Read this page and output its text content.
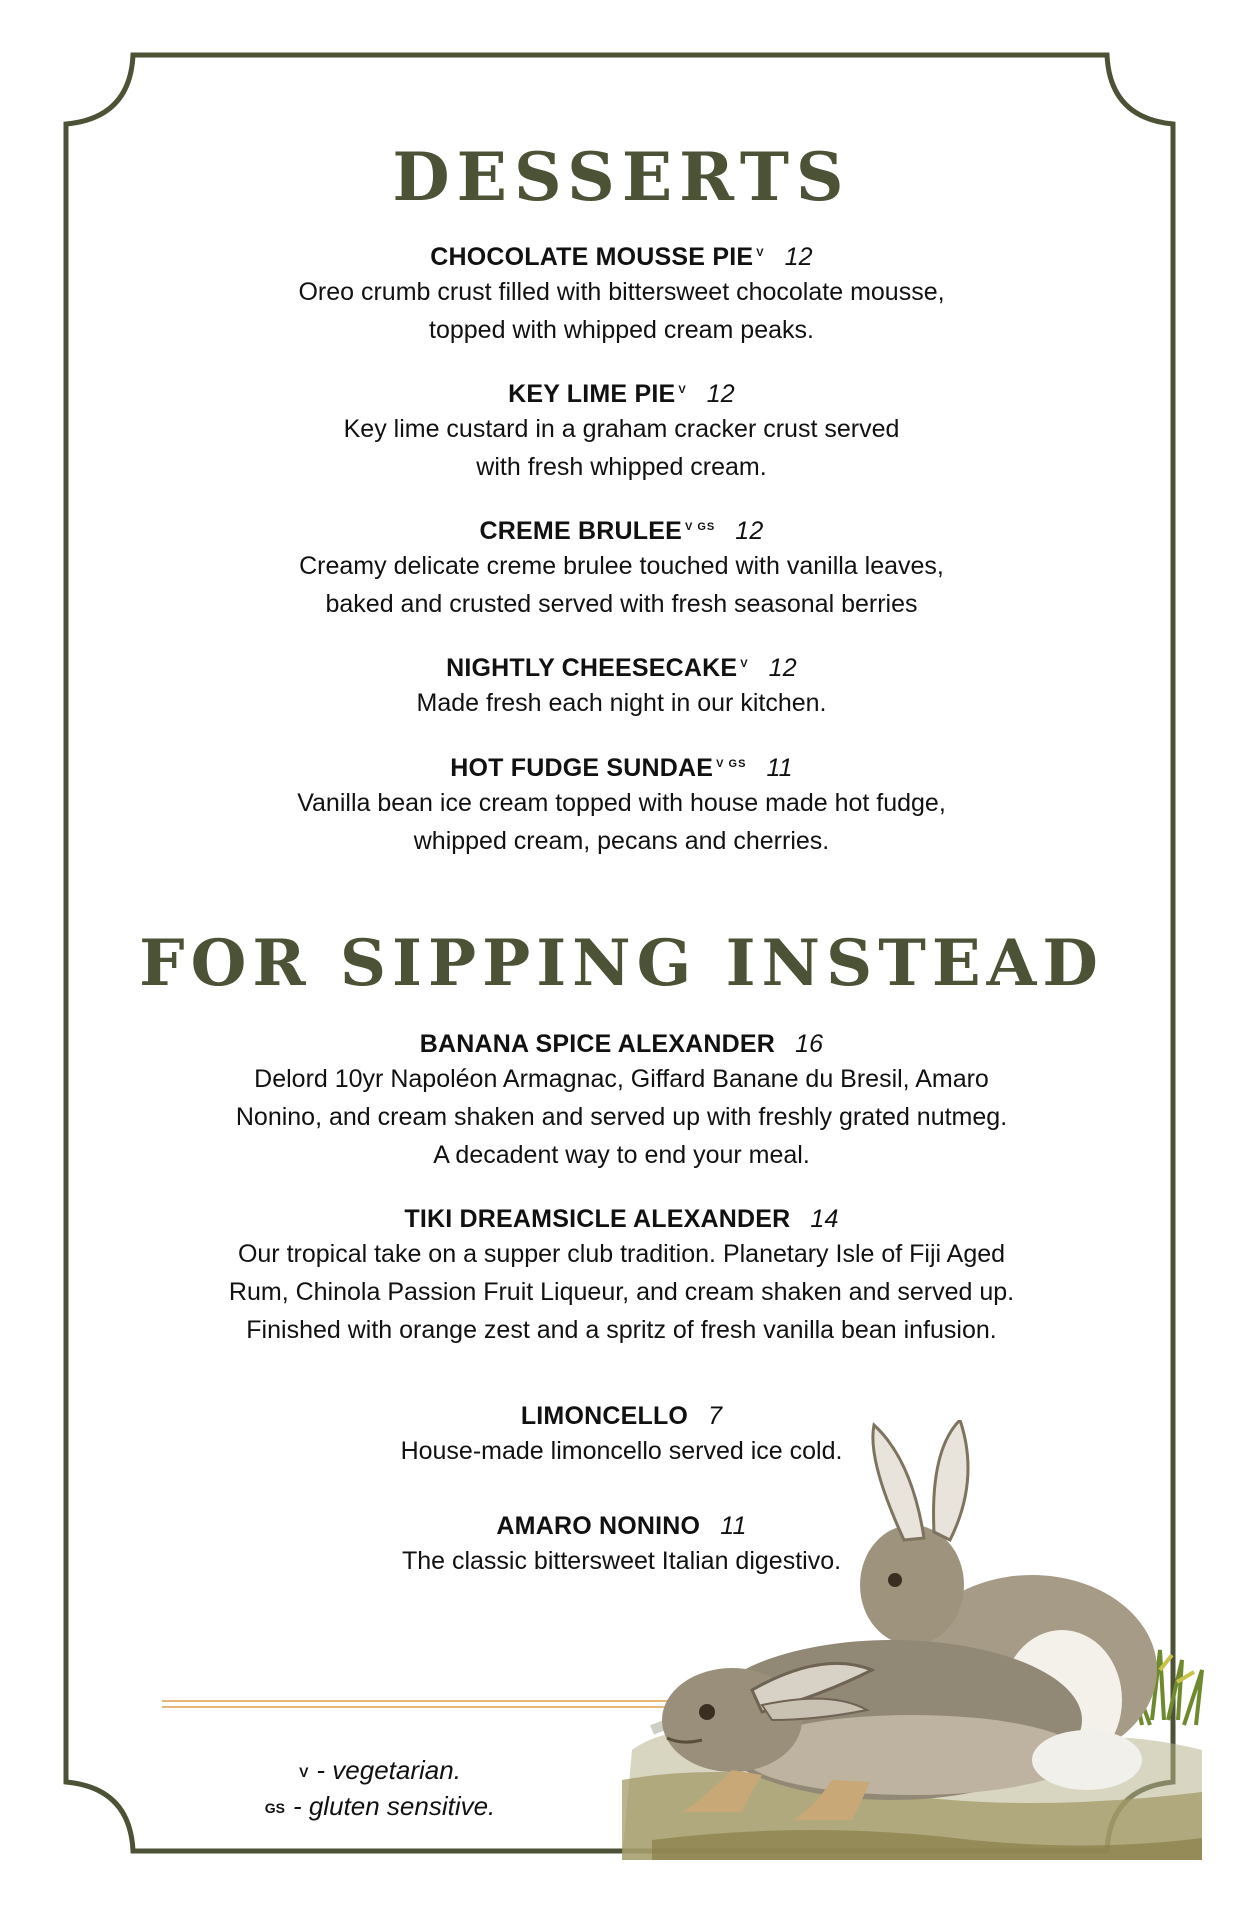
DESSERTS
CHOCOLATE MOUSSE PIE $^V$ 12
Oreo crumb crust filled with bittersweet chocolate mousse,
topped with whipped cream peaks.
KEY LIME PIE $^V$ 12
Key lime custard in a graham cracker crust served
with fresh whipped cream.
CREME BRULEE $^{V GS}$ 12
Creamy delicate creme brulee touched with vanilla leaves,
baked and crusted served with fresh seasonal berries
NIGHTLY CHEESECAKE $^V$ 12
Made fresh each night in our kitchen.
HOT FUDGE SUNDAE $^{V GS}$ 11
Vanilla bean ice cream topped with house made hot fudge,
whipped cream, pecans and cherries.
FOR SIPPING INSTEAD
BANANA SPICE ALEXANDER 16
Delord 10yr Napoléon Armagnac, Giffard Banane du Bresil, Amaro
Nonino, and cream shaken and served up with freshly grated nutmeg.
A decadent way to end your meal.
TIKI DREAMSICLE ALEXANDER 14
Our tropical take on a supper club tradition. Planetary Isle of Fiji Aged
Rum, Chinola Passion Fruit Liqueur, and cream shaken and served up.
Finished with orange zest and a spritz of fresh vanilla bean infusion.
LIMONCELLO 7
House-made limoncello served ice cold.
AMARO NONINO 11
The classic bittersweet Italian digestivo.
V - vegetarian.
GS - gluten sensitive.
